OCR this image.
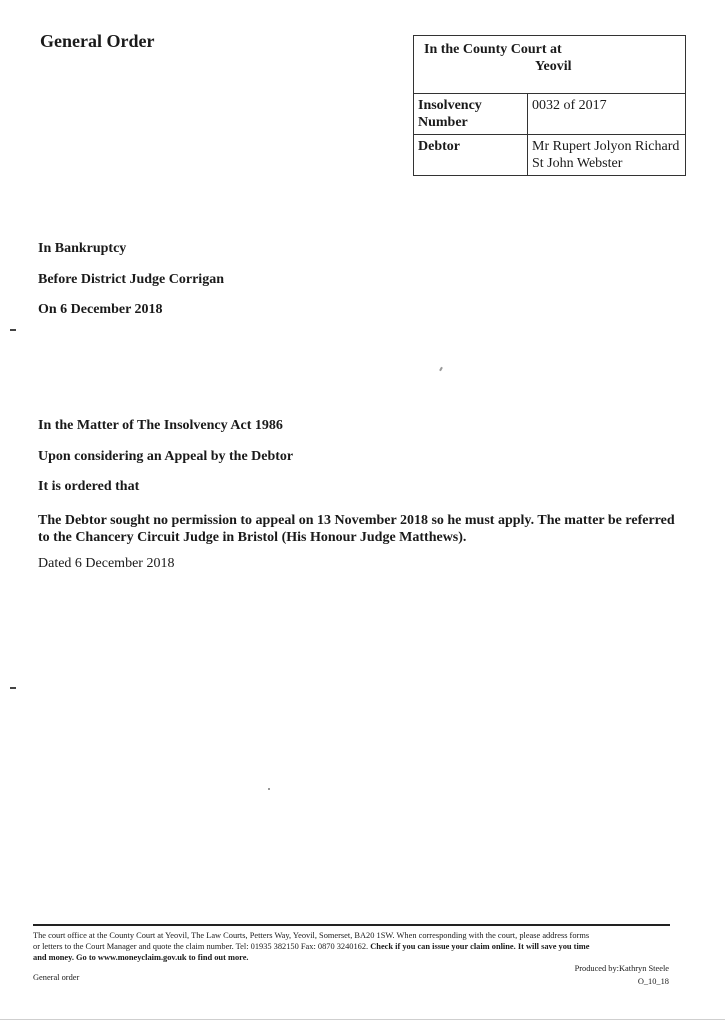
General Order	In the County Court at
Yeovil	

Insolvency
Number	0032 of 2017

Debtor	Mr Rupert Jolyon Richard
St John Webster
In Bankruptcy
Before District Judge Corrigan
On 6 December 2018
In the Matter of The Insolvency Act 1986
Upon considering an Appeal by the Debtor
It is ordered that
The Debtor sought no permission to appeal on 13 November 2018 so he must apply. The matter be referred
to the Chancery Circuit Judge in Bristol (His Honour Judge Matthews).
Dated 6 December 2018
The court office at the County Court at Yeovil, The Law Courts, Petters Way, Yeovil, Somerset, BA20 1SW. When corresponding with the court, please address forms
or letters to the Court Manager and quote the claim number. Tel: 01935 382150 Fax: 0870 3240162. Check if you can issue your claim online. It will save you time
and money. Go to www.moneyclaim.gov.uk to find out more.
General order
Produced by:Kathryn Steele
O_10_18
